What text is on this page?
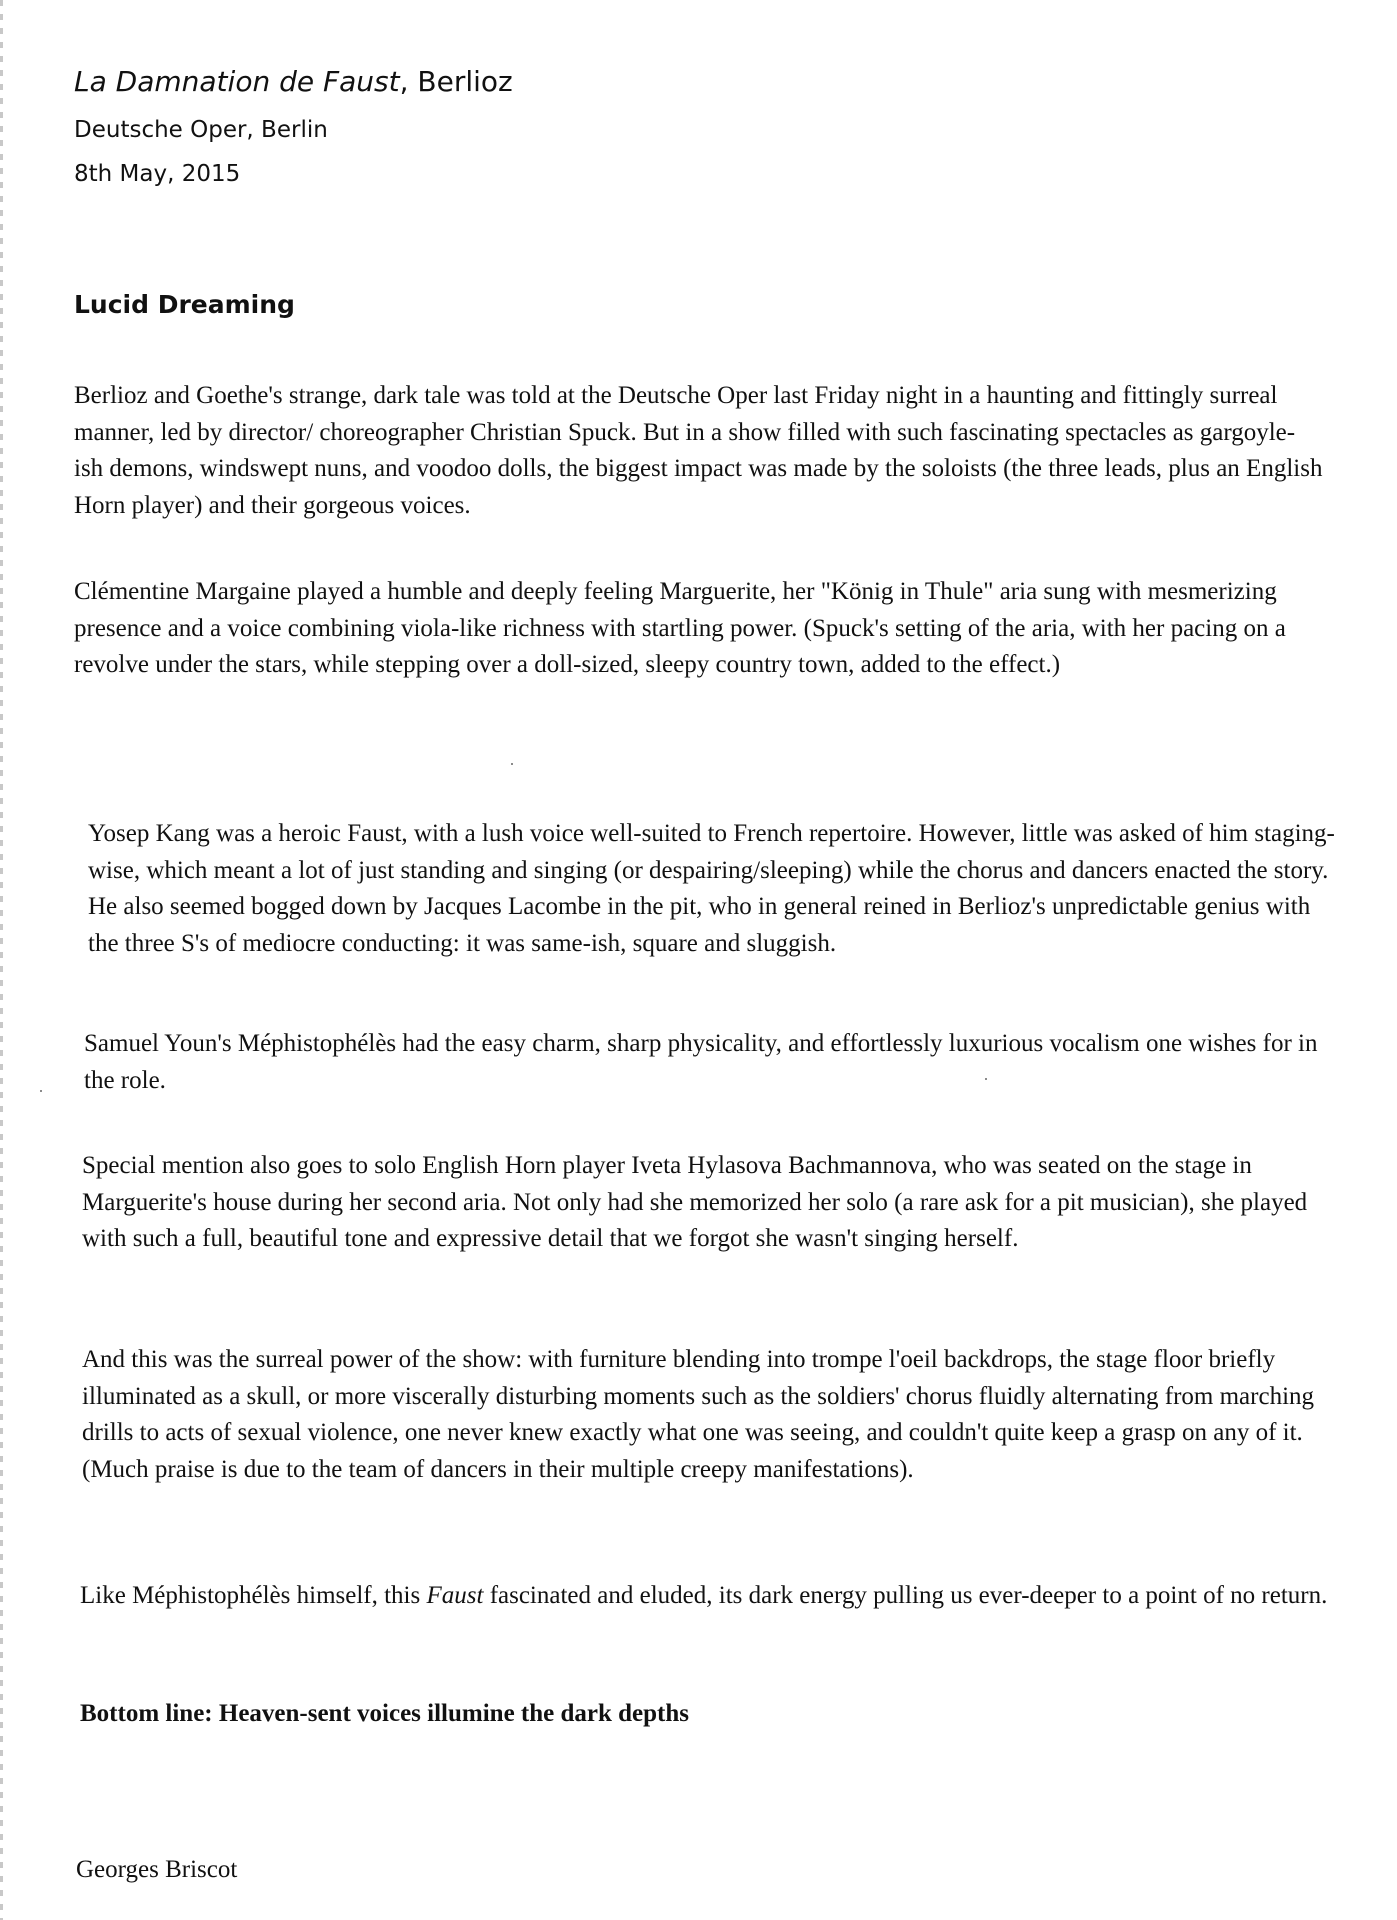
La Damnation de Faust, Berlioz
Deutsche Oper, Berlin
8th May, 2015
Lucid Dreaming

Berlioz and Goethe's strange, dark tale was told at the Deutsche Oper last Friday night in a haunting and fittingly surreal manner, led by director/ choreographer Christian Spuck. But in a show filled with such fascinating spectacles as gargoyle-ish demons, windswept nuns, and voodoo dolls, the biggest impact was made by the soloists (the three leads, plus an English Horn player) and their gorgeous voices.

Clémentine Margaine played a humble and deeply feeling Marguerite, her "König in Thule" aria sung with mesmerizing presence and a voice combining viola-like richness with startling power. (Spuck's setting of the aria, with her pacing on a revolve under the stars, while stepping over a doll-sized, sleepy country town, added to the effect.)

Yosep Kang was a heroic Faust, with a lush voice well-suited to French repertoire. However, little was asked of him staging-wise, which meant a lot of just standing and singing (or despairing/sleeping) while the chorus and dancers enacted the story. He also seemed bogged down by Jacques Lacombe in the pit, who in general reined in Berlioz's unpredictable genius with the three S's of mediocre conducting: it was same-ish, square and sluggish.

Samuel Youn's Méphistophélès had the easy charm, sharp physicality, and effortlessly luxurious vocalism one wishes for in the role.

Special mention also goes to solo English Horn player Iveta Hylasova Bachmannova, who was seated on the stage in Marguerite's house during her second aria. Not only had she memorized her solo (a rare ask for a pit musician), she played with such a full, beautiful tone and expressive detail that we forgot she wasn't singing herself.

And this was the surreal power of the show: with furniture blending into trompe l'oeil backdrops, the stage floor briefly illuminated as a skull, or more viscerally disturbing moments such as the soldiers' chorus fluidly alternating from marching drills to acts of sexual violence, one never knew exactly what one was seeing, and couldn't quite keep a grasp on any of it. (Much praise is due to the team of dancers in their multiple creepy manifestations).

Like Méphistophélès himself, this Faust fascinated and eluded, its dark energy pulling us ever-deeper to a point of no return.

Bottom line: Heaven-sent voices illumine the dark depths
Georges Briscot
